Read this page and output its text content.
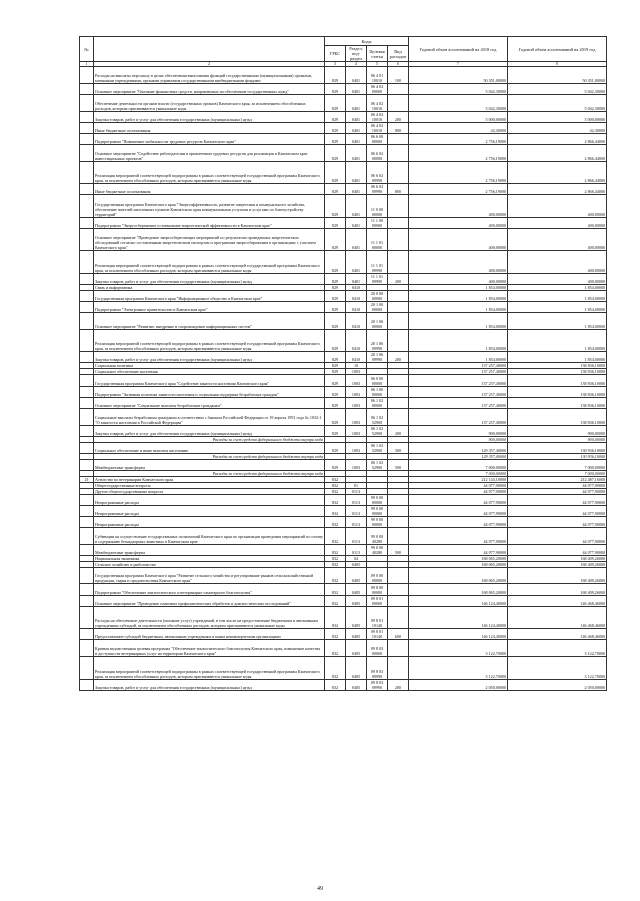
№		Коды				Годовой объем ассигнований на 2018 год	Годовой объем ассигнований на 2019 год
		ГРБС	Раздел, под-раздел	Целевая статья	Вид расходов		
1	2	3	4	5	6	7	8
	Расходы на выплаты персоналу в целях обеспечения выполнения функций государственными (муниципальными) органами, казенными учреждениями, органами управления государственными внебюджетными фондами	829	0401	06 4 01 10010	100	50 351,00000	50 351,00000
	Основное мероприятие "Оказание финансовых средств, направленных на обеспечение государственных нужд"	829	0401	06 4 02 00000		5 042,30000	5 042,30000
	Обеспечение деятельности органов власти (государственных органов) Камчатского края, за исключением обособленных расходов, которым присваиваются уникальные коды	829	0401	06 4 02 10010		5 042,30000	5 042,30000
	Закупка товаров, работ и услуг для обеспечения государственных (муниципальных) нужд	829	0401	06 4 02 10010	200	5 000,00000	5 000,00000
	Иные бюджетные ассигнования	829	0401	06 4 02 10010	800	42,30000	42,30000
	Подпрограмма "Повышение мобильности трудовых ресурсов Камчатского края"	829	0401	06 6 00 00000		2 756,19000	2 866,44000
	Основное мероприятие "Содействие работодателям в привлечении трудовых ресурсов для реализации в Камчатском крае инвестиционных проектов"	829	0401	06 6 02 00000		2 756,19000	2 866,44000
	Реализация мероприятий соответствующей подпрограммы в рамках соответствующей государственной программы Камчатского края, за исключением обособленных расходов, которым присваиваются уникальные коды	829	0401	06 6 02 09990		2 756,19000	2 866,44000
	Иные бюджетные ассигнования	829	0401	06 6 02 09990	800	2 756,19000	2 866,44000
	Государственная программа Камчатского края "Энергоэффективность, развитие энергетики и коммунального хозяйства, обеспечение жителей населенных пунктов Камчатского края коммунальными услугами и услугами по благоустройству территорий"	829	0401	11 0 00 00000		400,00000	400,00000
	Подпрограмма "Энергосбережение и повышение энергетической эффективности в Камчатском крае"	829	0401	11 1 00 00000		400,00000	400,00000
	Основное мероприятие "Проведение энергосберегающих мероприятий по результатам проведенных энергетических обследований согласно составленным энергетическим паспортам и программам энергосбережения в организациях с участием Камчатского края"	829	0401	11 1 01 00000		400,00000	400,00000
	Реализация мероприятий соответствующей подпрограммы в рамках соответствующей государственной программы Камчатского края, за исключением обособленных расходов, которым присваиваются уникальные коды	829	0401	11 1 01 09990		400,00000	400,00000
	Закупка товаров, работ и услуг для обеспечения государственных (муниципальных) нужд	829	0401	11 1 01 09990	200	400,00000	400,00000
	Связь и информатика	829	0410			1 854,00000	1 854,00000
	Государственная программа Камчатского края "Информационное общество в Камчатском крае"	829	0410	20 0 00 00000		1 854,00000	1 854,00000
	Подпрограмма "Электронное правительство в Камчатском крае"	829	0410	20 1 00 00000		1 854,00000	1 854,00000
	Основное мероприятие "Развитие, внедрение и сопровождение информационных систем"	829	0410	20 1 06 00000		1 854,00000	1 854,00000
	Реализация мероприятий соответствующей подпрограммы в рамках соответствующей государственной программы Камчатского края, за исключением обособленных расходов, которым присваиваются уникальные коды	829	0410	20 1 06 09990		1 854,00000	1 854,00000
	Закупка товаров, работ и услуг для обеспечения государственных (муниципальных) нужд	829	0410	20 1 06 09990	200	1 854,00000	1 854,00000
	Социальная политика	829	10			137 257,40000	138 836,10000
	Социальное обеспечение населения	829	1003			137 257,40000	138 836,10000
	Государственная программа Камчатского края "Содействие занятости населения Камчатского края"	829	1003	06 0 00 00000		137 257,40000	138 836,10000
	Подпрограмма "Активная политика занятости населения и социальная поддержка безработных граждан"	829	1003	06 1 00 00000		137 257,40000	138 836,10000
	Основное мероприятие "Социальные выплаты безработным гражданам"	829	1003	06 1 02 00000		137 257,40000	138 836,10000
	Социальные выплаты безработным гражданам в соответствии с Законом Российской Федерации от 19 апреля 1991 года № 1032-1 "О занятости населения в Российской Федерации"	829	1003	06 1 02 52900		137 257,40000	138 836,10000
	Закупка товаров, работ и услуг для обеспечения государственных (муниципальных) нужд	829	1003	06 1 02 52900	200	900,00000	900,00000
	Расходы за счет средств федерального бюджета внутри кода					900,00000	900,00000
	Социальное обеспечение и иные выплаты населению	829	1003	06 1 02 52900	300	129 357,40000	130 936,10000
	Расходы за счет средств федерального бюджета внутри кода					129 357,40000	130 936,10000
	Межбюджетные трансферты	829	1003	06 1 02 52900	500	7 000,00000	7 000,00000
	Расходы за счет средств федерального бюджета внутри кода					7 000,00000	7 000,00000
21	Агентство по ветеринарии Камчатского края	832				212 143,10000	212 487,16000
	Общегосударственные вопросы	832	01			44 077,90000	44 077,90000
	Другие общегосударственные вопросы	832	0113			44 077,90000	44 077,90000
	Непрограммные расходы	832	0113	99 0 00 00000		44 077,90000	44 077,90000
	Непрограммные расходы	832	0113	99 0 00 00000		44 077,90000	44 077,90000
	Непрограммные расходы	832	0113	99 0 00 00000		44 077,90000	44 077,90000
	Субвенции на осуществление государственных полномочий Камчатского края по организации проведения мероприятий по отлову и содержанию безнадзорных животных в Камчатском крае	832	0113	99 0 00 40280		44 077,90000	44 077,90000
	Межбюджетные трансферты	832	0113	99 0 00 40280	500	44 077,90000	44 077,90000
	Национальная экономика	832	04			168 065,20000	168 409,26000
	Сельское хозяйство и рыболовство	832	0405			168 065,20000	168 409,26000
	Государственная программа Камчатского края "Развитие сельского хозяйства и регулирование рынков сельскохозяйственной продукции, сырья и продовольствия Камчатского края"	832	0405	09 0 00 00000		168 065,20000	168 409,26000
	Подпрограмма "Обеспечение эпизоотического и ветеринарно-санитарного благополучия"	832	0405	09 8 00 00000		168 065,20000	168 409,26000
	Основное мероприятие "Проведение плановых профилактических обработок и диагностических исследований"	832	0405	09 8 01 00000		146 124,40000	146 468,46000
	Расходы на обеспечение деятельности (оказание услуг) учреждений, в том числе на предоставление бюджетным и автономным учреждениям субсидий, за исключением обособленных расходов, которым присваиваются уникальные коды	832	0405	09 8 01 10140		146 124,40000	146 468,46000
	Предоставление субсидий бюджетным, автономным учреждениям и иным некоммерческим организациям	832	0405	09 8 01 10140	600	146 124,40000	146 468,46000
	Краевая ведомственная целевая программа "Обеспечение эпизоотического благополучия Камчатского края, повышение качества и доступности ветеринарных услуг на территории Камчатского края"	832	0405	09 8 03 00000		3 122,70000	3 122,70000
	Реализация мероприятий соответствующей подпрограммы в рамках соответствующей государственной программы Камчатского края, за исключением обособленных расходов, которым присваиваются уникальные коды	832	0405	09 8 03 09990		3 122,70000	3 122,70000
	Закупка товаров, работ и услуг для обеспечения государственных (муниципальных) нужд	832	0405	09 8 03 09990	200	2 050,00000	2 050,00000
49
